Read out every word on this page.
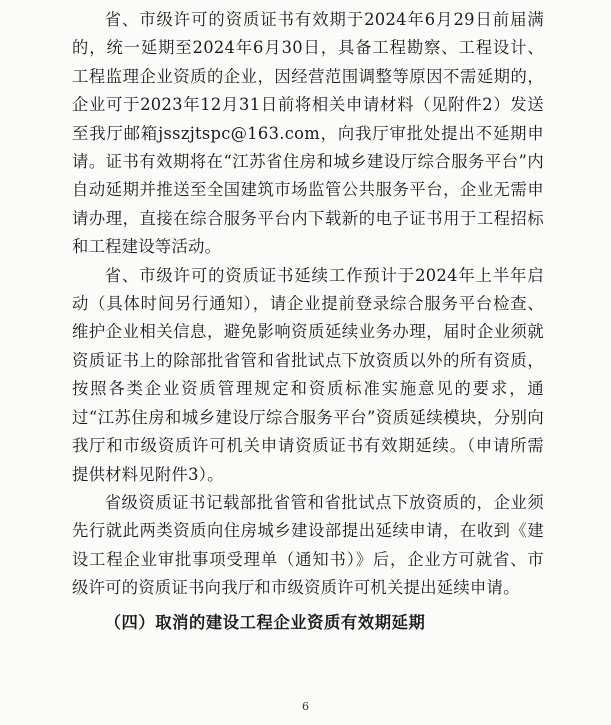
省、市级许可的资质证书有效期于2024年6月29日前届满的，统一延期至2024年6月30日，具备工程勘察、工程设计、工程监理企业资质的企业，因经营范围调整等原因不需延期的，企业可于2023年12月31日前将相关申请材料（见附件2）发送至我厅邮箱jsszjtspc@163.com，向我厅审批处提出不延期申请。证书有效期将在“江苏省住房和城乡建设厅综合服务平台”内自动延期并推送至全国建筑市场监管公共服务平台，企业无需申请办理，直接在综合服务平台内下载新的电子证书用于工程招标和工程建设等活动。

省、市级许可的资质证书延续工作预计于2024年上半年启动（具体时间另行通知），请企业提前登录综合服务平台检查、维护企业相关信息，避免影响资质延续业务办理，届时企业须就资质证书上的除部批省管和省批试点下放资质以外的所有资质，按照各类企业资质管理规定和资质标准实施意见的要求，通过“江苏住房和城乡建设厅综合服务平台”资质延续模块，分别向我厅和市级资质许可机关申请资质证书有效期延续。（申请所需提供材料见附件3）。

省级资质证书记载部批省管和省批试点下放资质的，企业须先行就此两类资质向住房城乡建设部提出延续申请，在收到《建设工程企业审批事项受理单（通知书）》后，企业方可就省、市级许可的资质证书向我厅和市级资质许可机关提出延续申请。

（四）取消的建设工程企业资质有效期延期

6
